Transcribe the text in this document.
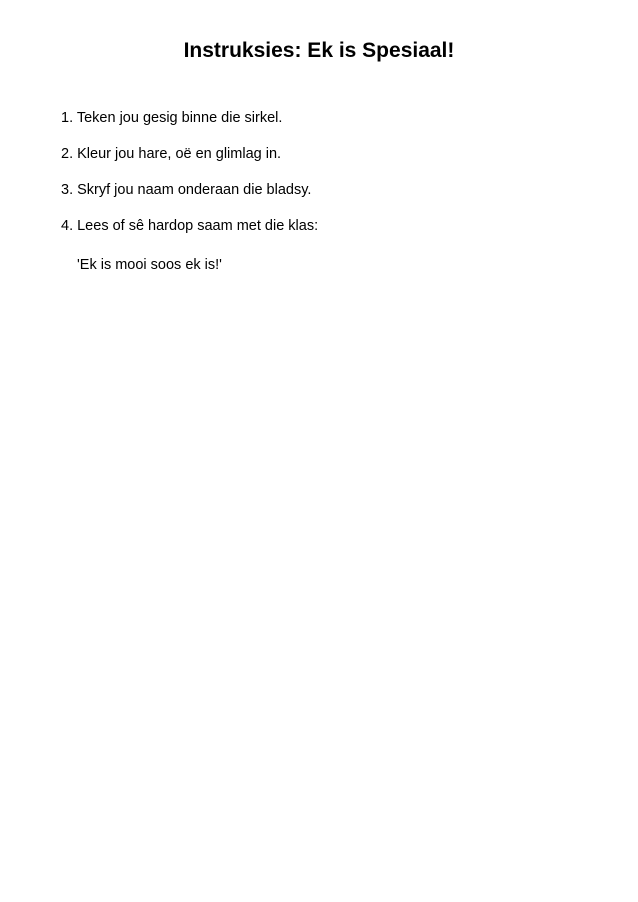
Instruksies: Ek is Spesiaal!
1. Teken jou gesig binne die sirkel.
2. Kleur jou hare, oë en glimlag in.
3. Skryf jou naam onderaan die bladsy.
4. Lees of sê hardop saam met die klas:

'Ek is mooi soos ek is!'
